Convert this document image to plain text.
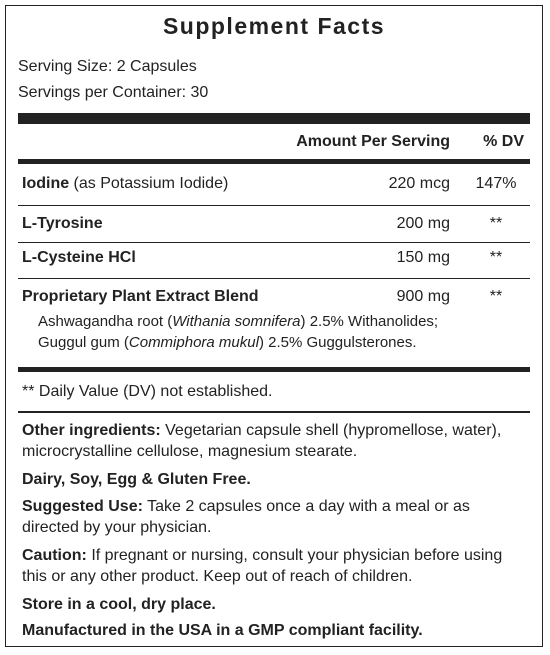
Supplement Facts
Serving Size: 2 Capsules
Servings per Container: 30
Amount Per Serving % DV
Iodine (as Potassium Iodide)	220 mcg	147%
L-Tyrosine	200 mg	**
L-Cysteine HCl	150 mg	**
Proprietary Plant Extract Blend	900 mg	**
Ashwagandha root (Withania somnifera) 2.5% Withanolides;
Guggul gum (Commiphora mukul) 2.5% Guggulsterones.
** Daily Value (DV) not established.
Other ingredients: Vegetarian capsule shell (hypromellose, water), microcrystalline cellulose, magnesium stearate.
Dairy, Soy, Egg & Gluten Free.
Suggested Use: Take 2 capsules once a day with a meal or as directed by your physician.
Caution: If pregnant or nursing, consult your physician before using this or any other product. Keep out of reach of children.
Store in a cool, dry place.
Manufactured in the USA in a GMP compliant facility.
